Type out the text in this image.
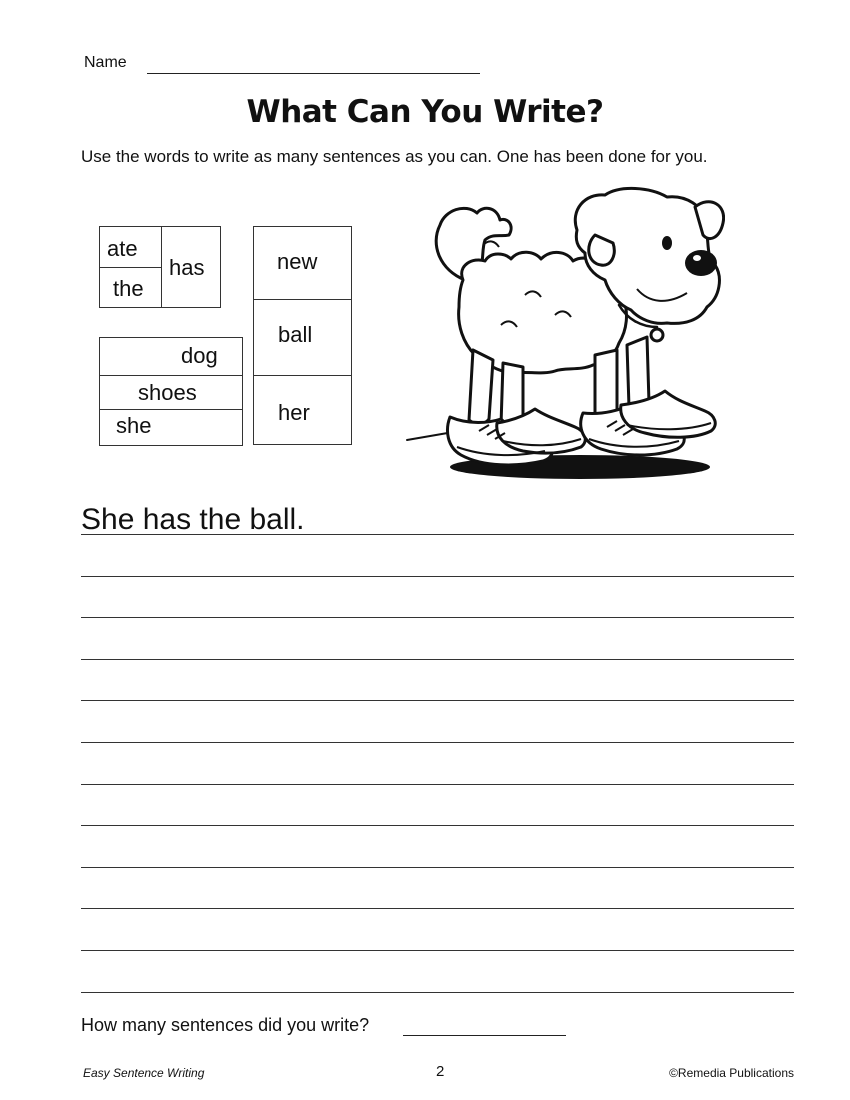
Name
What Can You Write?
Use the words to write as many sentences as you can. One has been done for you.
ate
the
has	new
ball
her
dog
shoes
she
She has the ball.
How many sentences did you write?
Easy Sentence Writing	2	©Remedia Publications
